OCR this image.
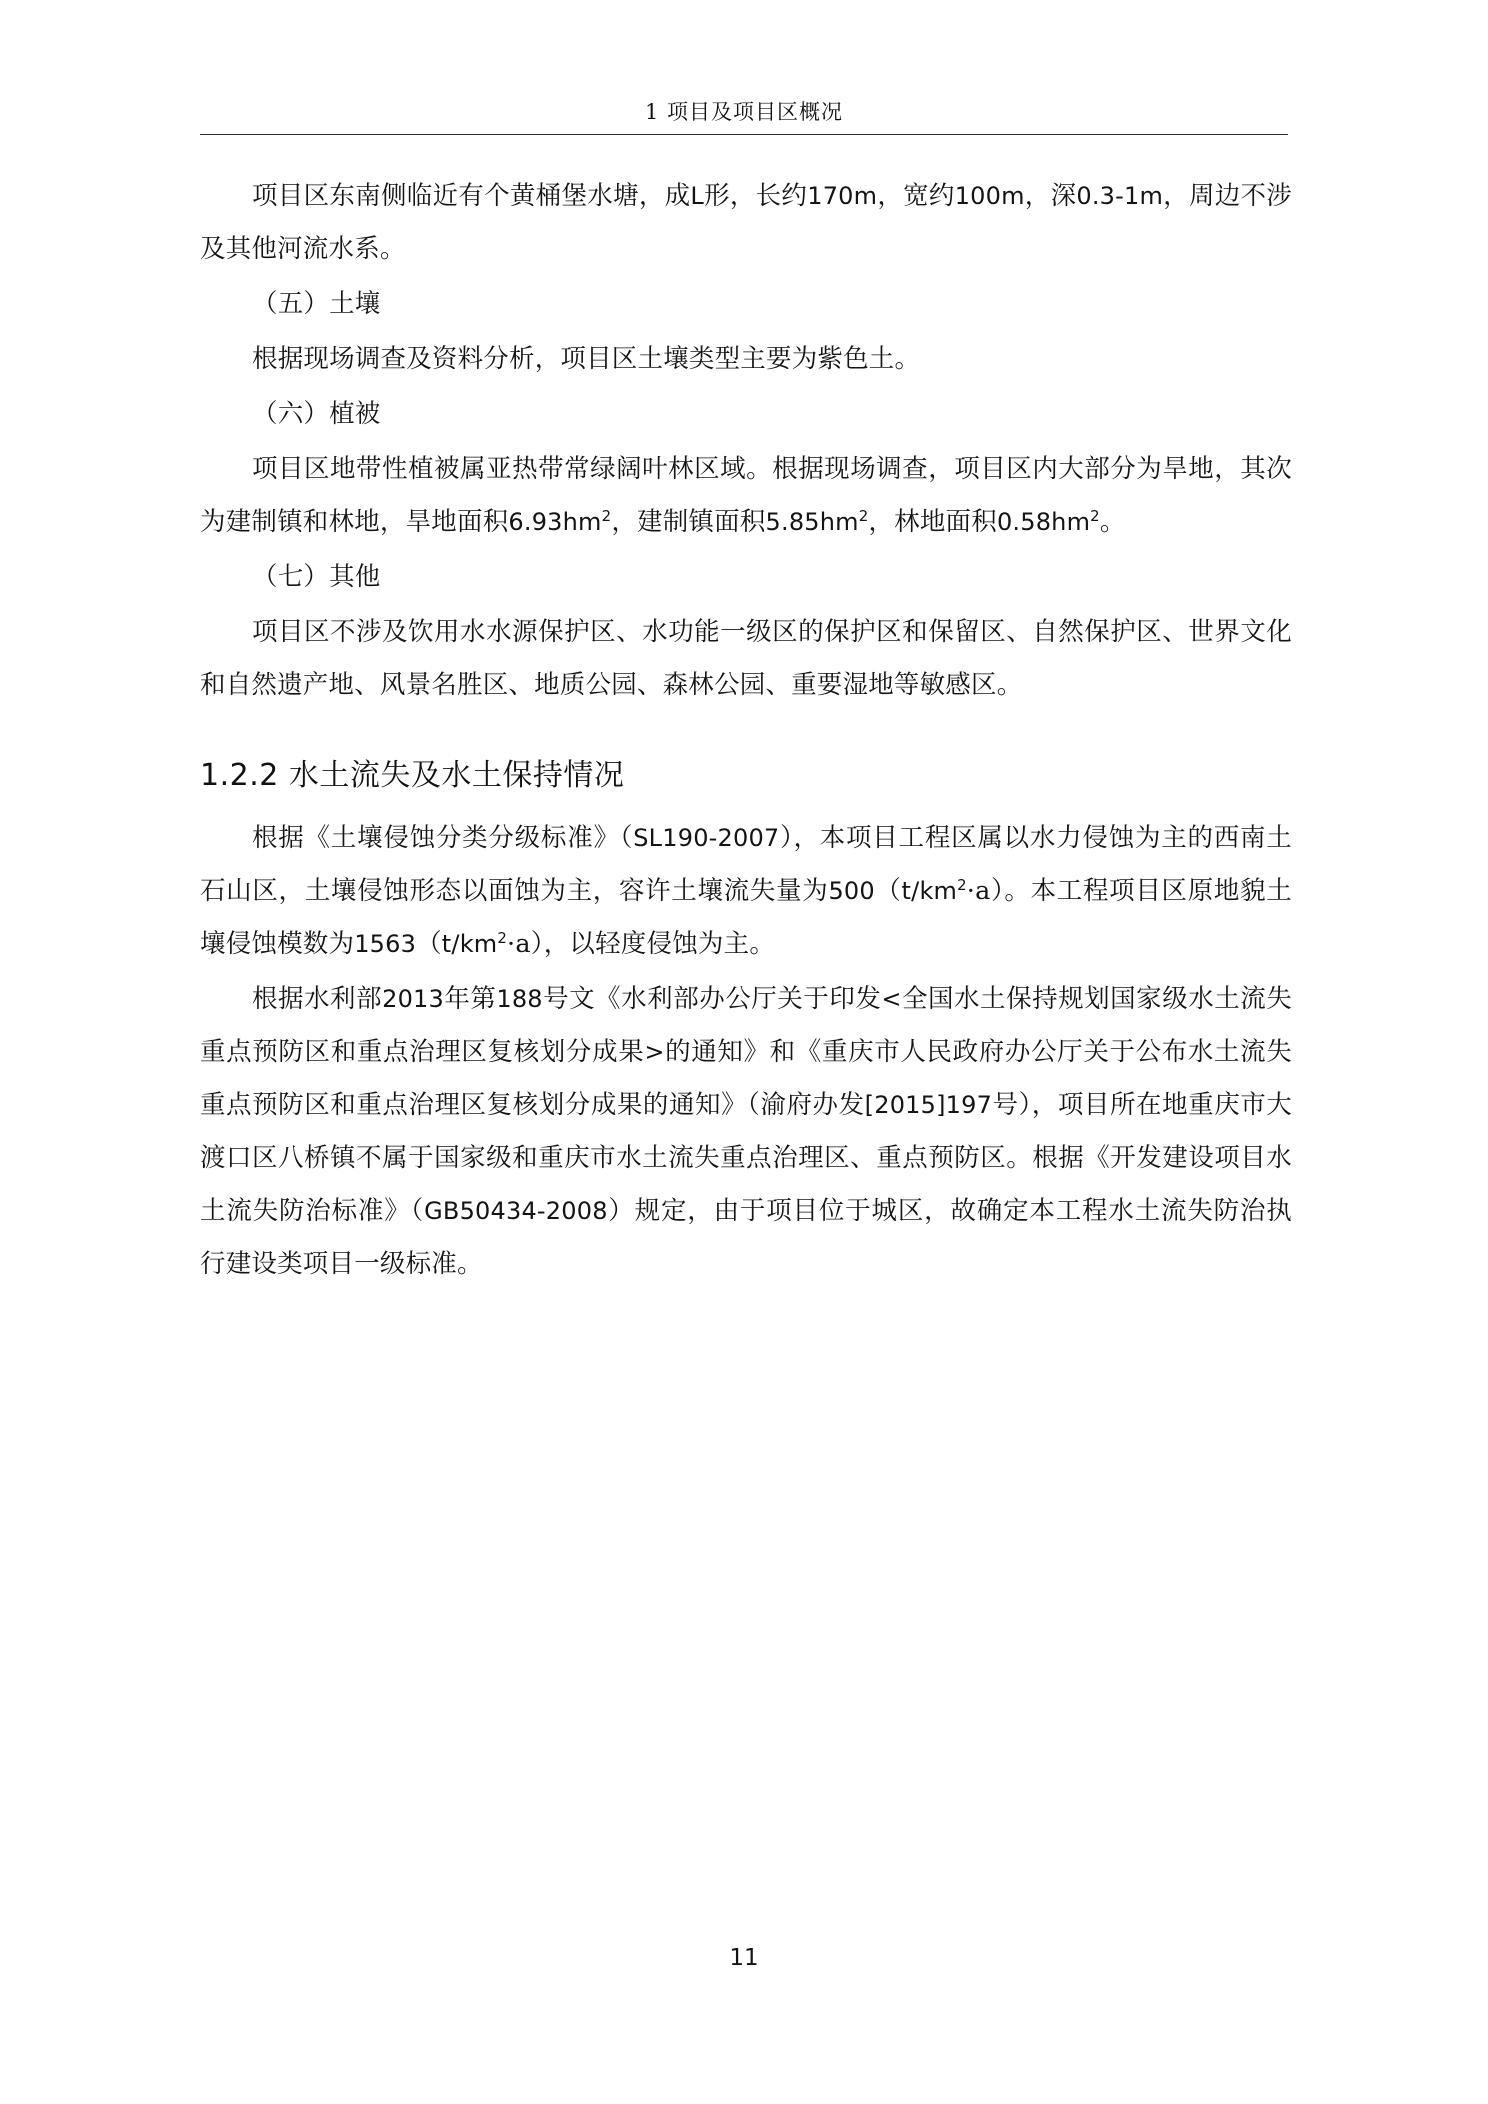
1 项目及项目区概况

项目区东南侧临近有个黄桶堡水塘，成L形，长约170m，宽约100m，深0.3-1m，周边不涉及其他河流水系。

（五）土壤

根据现场调查及资料分析，项目区土壤类型主要为紫色土。

（六）植被

项目区地带性植被属亚热带常绿阔叶林区域。根据现场调查，项目区内大部分为旱地，其次为建制镇和林地，旱地面积$6.93hm^2$，建制镇面积$5.85hm^2$，林地面积$0.58hm^2$。

（七）其他

项目区不涉及饮用水水源保护区、水功能一级区的保护区和保留区、自然保护区、世界文化和自然遗产地、风景名胜区、地质公园、森林公园、重要湿地等敏感区。

1.2.2 水土流失及水土保持情况

根据《土壤侵蚀分类分级标准》（SL190-2007），本项目工程区属以水力侵蚀为主的西南土石山区，土壤侵蚀形态以面蚀为主，容许土壤流失量为$500(t/km^2\cdot a)$。本工程项目区原地貌土壤侵蚀模数为$1563(t/km^2\cdot a)$，以轻度侵蚀为主。

根据水利部2013年第188号文《水利部办公厅关于印发<全国水土保持规划国家级水土流失重点预防区和重点治理区复核划分成果>的通知》和《重庆市人民政府办公厅关于公布水土流失重点预防区和重点治理区复核划分成果的通知》（渝府办发[2015]197号），项目所在地重庆市大渡口区八桥镇不属于国家级和重庆市水土流失重点治理区、重点预防区。根据《开发建设项目水土流失防治标准》（GB50434-2008）规定，由于项目位于城区，故确定本工程水土流失防治执行建设类项目一级标准。

11
